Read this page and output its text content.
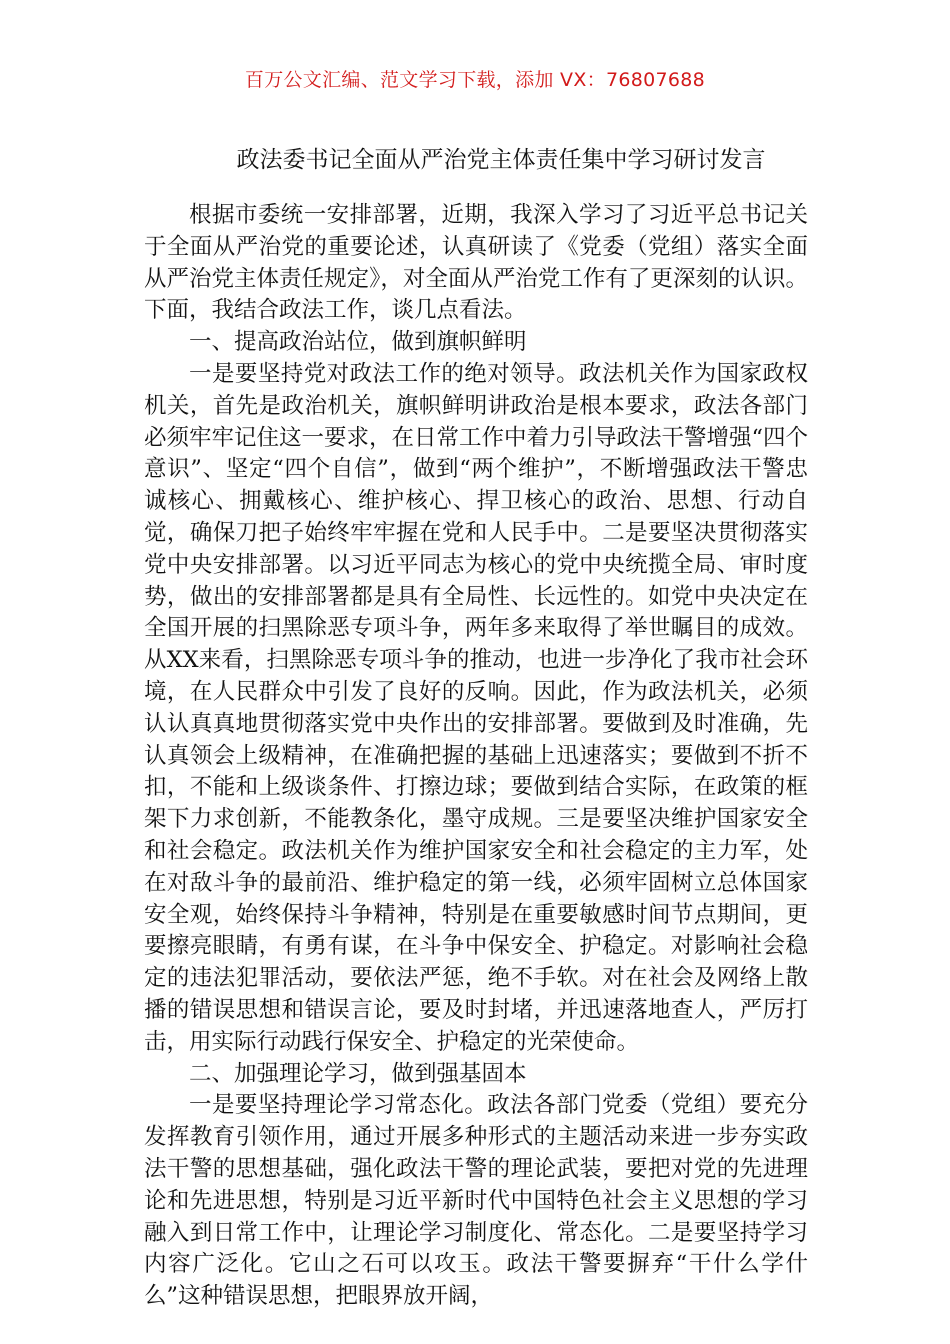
百万公文汇编、范文学习下载，添加 VX：76807688
政法委书记全面从严治党主体责任集中学习研讨发言

根据市委统一安排部署，近期，我深入学习了习近平总书记关于全面从严治党的重要论述，认真研读了《党委（党组）落实全面从严治党主体责任规定》，对全面从严治党工作有了更深刻的认识。下面，我结合政法工作，谈几点看法。

一、提高政治站位，做到旗帜鲜明

一是要坚持党对政法工作的绝对领导。政法机关作为国家政权机关，首先是政治机关，旗帜鲜明讲政治是根本要求，政法各部门必须牢牢记住这一要求，在日常工作中着力引导政法干警增强“四个意识”、坚定“四个自信”，做到“两个维护”，不断增强政法干警忠诚核心、拥戴核心、维护核心、捍卫核心的政治、思想、行动自觉，确保刀把子始终牢牢握在党和人民手中。二是要坚决贯彻落实党中央安排部署。以习近平同志为核心的党中央统揽全局、审时度势，做出的安排部署都是具有全局性、长远性的。如党中央决定在全国开展的扫黑除恶专项斗争，两年多来取得了举世瞩目的成效。从XX来看，扫黑除恶专项斗争的推动，也进一步净化了我市社会环境，在人民群众中引发了良好的反响。因此，作为政法机关，必须认认真真地贯彻落实党中央作出的安排部署。要做到及时准确，先认真领会上级精神，在准确把握的基础上迅速落实；要做到不折不扣，不能和上级谈条件、打擦边球；要做到结合实际，在政策的框架下力求创新，不能教条化，墨守成规。三是要坚决维护国家安全和社会稳定。政法机关作为维护国家安全和社会稳定的主力军，处在对敌斗争的最前沿、维护稳定的第一线，必须牢固树立总体国家安全观，始终保持斗争精神，特别是在重要敏感时间节点期间，更要擦亮眼睛，有勇有谋，在斗争中保安全、护稳定。对影响社会稳定的违法犯罪活动，要依法严惩，绝不手软。对在社会及网络上散播的错误思想和错误言论，要及时封堵，并迅速落地查人，严厉打击，用实际行动践行保安全、护稳定的光荣使命。

二、加强理论学习，做到强基固本

一是要坚持理论学习常态化。政法各部门党委（党组）要充分发挥教育引领作用，通过开展多种形式的主题活动来进一步夯实政法干警的思想基础，强化政法干警的理论武装，要把对党的先进理论和先进思想，特别是习近平新时代中国特色社会主义思想的学习融入到日常工作中，让理论学习制度化、常态化。二是要坚持学习内容广泛化。它山之石可以攻玉。政法干警要摒弃“干什么学什么”这种错误思想，把眼界放开阔，
